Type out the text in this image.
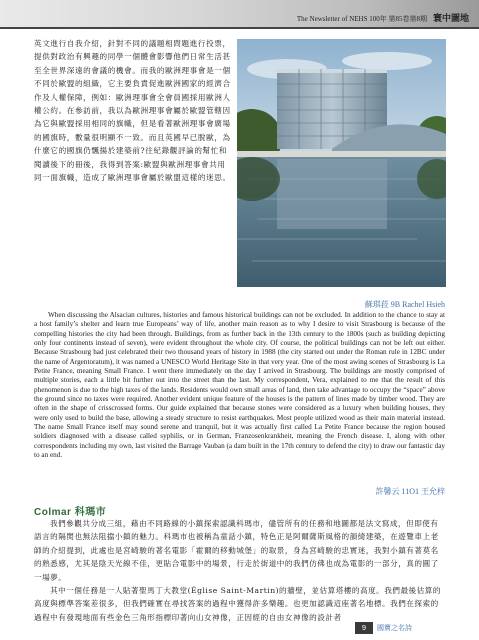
The Newsletter of NEHS 100年 第85卷第8期 寰中圖地
英文進行自我介紹，針對不同的議題相問題進行投票，提供對政治有興趣的同學一個體會影響他們日常生活甚至全世界深遠的會議的機會。而我的歐洲理事會是一個不同於歐盟的組織，它主要負責促進歐洲國家的經濟合作及人權保障，例如：歐洲理事會全會員國採用歐洲人權公約。在參訪前，我以為歐洲理事會屬於歐盟管轄因為它與歐盟採用相同的旗幟，但是看著歐洲理事會廣場的國旗時，數量很明顯不一致。而且英國早已脫歐，為什麼它的國旗仍飄揚於建築前?往紀錄觀評論的幫忙和閱讀後下的冊後，我得到答案:歐盟與歐洲理事會共用同一面旗幟，造成了歐洲理事會屬於歐盟這樣的迷思。
蘇琪菈 9B Rachel Hsieh

When discussing the Alsacian cultures, histories and famous historical buildings can not be excluded. In addition to the chance to stay at a host family’s shelter and learn true Europeans’ way of life, another main reason as to why I desire to visit Strasbourg is because of the compelling histories the city had been through. Buildings, from as further back in the 13th century to the 1800s (such as building depicting only four continents instead of seven), were evident throughout the whole city. Of course, the political buildings can not be left out either. Because Strasbourg had just celebrated their two thousand years of history in 1988 (the city started out under the Roman rule in 12BC under the name of Argentoratum), it was named a UNESCO World Heritage Site in that very year. One of the most awing scenes of Strasbourg is La Petite France, meaning Small France. I went there immediately on the day I arrived in Strasbourg. The buildings are mostly comprised of multiple stories, each a little bit further out into the street than the last. My correspondent, Vera, explained to me that the result of this phenomenon is due to the high taxes of the lands. Residents would own small areas of land, then take advantage to occupy the “space” above the ground since no taxes were required. Another evident unique feature of the houses is the pattern of lines made by timber wood. They are often in the shape of crisscrossed forms. Our guide explained that because stones were considered as a luxury when building houses, they were only used to build the base, allowing a steady structure to resist earthquakes. Most people utilized wood as their main material instead. The name Small France itself may sound serene and tranquil, but it was actually first called La Petite France because the region housed soldiers diagnosed with a disease called syphilis, or in German, Franzosenkrankheit, meaning the French disease. I, along with other correspondents including my own, last visited the Barrage Vauban (a dam built in the 17th century to defend the city) to draw our fantastic day to an end.

許馨云 11O1 王允梓
Colmar 科瑪市

我們參觀共分成三組，藉由不同路線的小鎮探索認識科瑪市，儘管所有的任務和地圖都是法文寫成，但即使有語言的隔閡也無法阻擋小鎮的魅力。科瑪市也被稱為童話小鎮，特色正是阿爾薩斯風格的韻綺建築，在遊覽車上老師的介紹提到，此處也是宮崎駿的著名電影「霍爾的移動城堡」的取景，身為宮崎駿的忠實迷，我對小鎮有著莫名的熟悉感，尤其是陰天光線不佳，更貼合電影中的場景，行走於街道中的我們仿佛也成為電影的一部分，真的圓了一場夢。

其中一個任務是一人貼著聖馬丁大教堂(Église Saint-Martin)的牆壁，並估算塔樓的高度。我們最後估算的高度與標準答案差很多，但我們確實在尋找答案的過程中獲得許多樂趣。也更加認識這座著名地標。我們在探索的過程中有發現地面有些金色三角形指標印著向山女神像，正因經的自由女神像的設計者

9	國寶之名詩
